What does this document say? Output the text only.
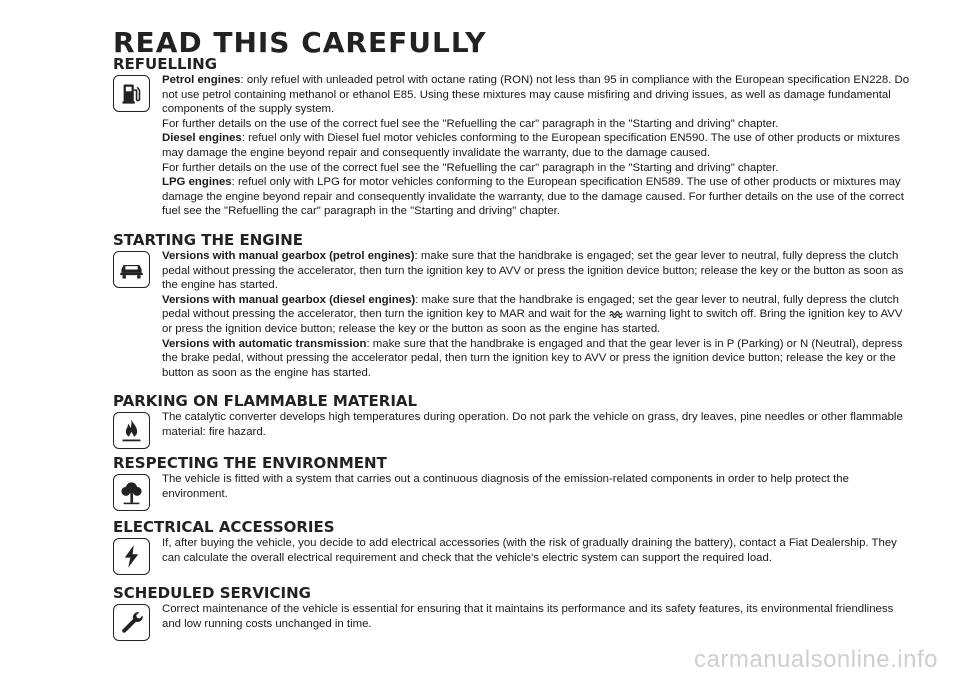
READ THIS CAREFULLY
REFUELLING

Petrol engines: only refuel with unleaded petrol with octane rating (RON) not less than 95 in compliance with the European specification EN228. Do not use petrol containing methanol or ethanol E85. Using these mixtures may cause misfiring and driving issues, as well as damage fundamental components of the supply system.

For further details on the use of the correct fuel see the "Refuelling the car" paragraph in the "Starting and driving" chapter.

Diesel engines: refuel only with Diesel fuel motor vehicles conforming to the European specification EN590. The use of other products or mixtures may damage the engine beyond repair and consequently invalidate the warranty, due to the damage caused.

For further details on the use of the correct fuel see the "Refuelling the car" paragraph in the "Starting and driving" chapter.

LPG engines: refuel only with LPG for motor vehicles conforming to the European specification EN589. The use of other products or mixtures may damage the engine beyond repair and consequently invalidate the warranty, due to the damage caused. For further details on the use of the correct fuel see the "Refuelling the car" paragraph in the "Starting and driving" chapter.

STARTING THE ENGINE

Versions with manual gearbox (petrol engines): make sure that the handbrake is engaged; set the gear lever to neutral, fully depress the clutch pedal without pressing the accelerator, then turn the ignition key to AVV or press the ignition device button; release the key or the button as soon as the engine has started.

Versions with manual gearbox (diesel engines): make sure that the handbrake is engaged; set the gear lever to neutral, fully depress the clutch pedal without pressing the accelerator, then turn the ignition key to MAR and wait for the  warning light to switch off. Bring the ignition key to AVV or press the ignition device button; release the key or the button as soon as the engine has started.

Versions with automatic transmission: make sure that the handbrake is engaged and that the gear lever is in P (Parking) or N (Neutral), depress the brake pedal, without pressing the accelerator pedal, then turn the ignition key to AVV or press the ignition device button; release the key or the button as soon as the engine has started.

PARKING ON FLAMMABLE MATERIAL

The catalytic converter develops high temperatures during operation. Do not park the vehicle on grass, dry leaves, pine needles or other flammable material: fire hazard.

RESPECTING THE ENVIRONMENT

The vehicle is fitted with a system that carries out a continuous diagnosis of the emission-related components in order to help protect the environment.

ELECTRICAL ACCESSORIES

If, after buying the vehicle, you decide to add electrical accessories (with the risk of gradually draining the battery), contact a Fiat Dealership. They can calculate the overall electrical requirement and check that the vehicle's electric system can support the required load.

SCHEDULED SERVICING

Correct maintenance of the vehicle is essential for ensuring that it maintains its performance and its safety features, its environmental friendliness and low running costs unchanged in time.

carmanualsonline.info
